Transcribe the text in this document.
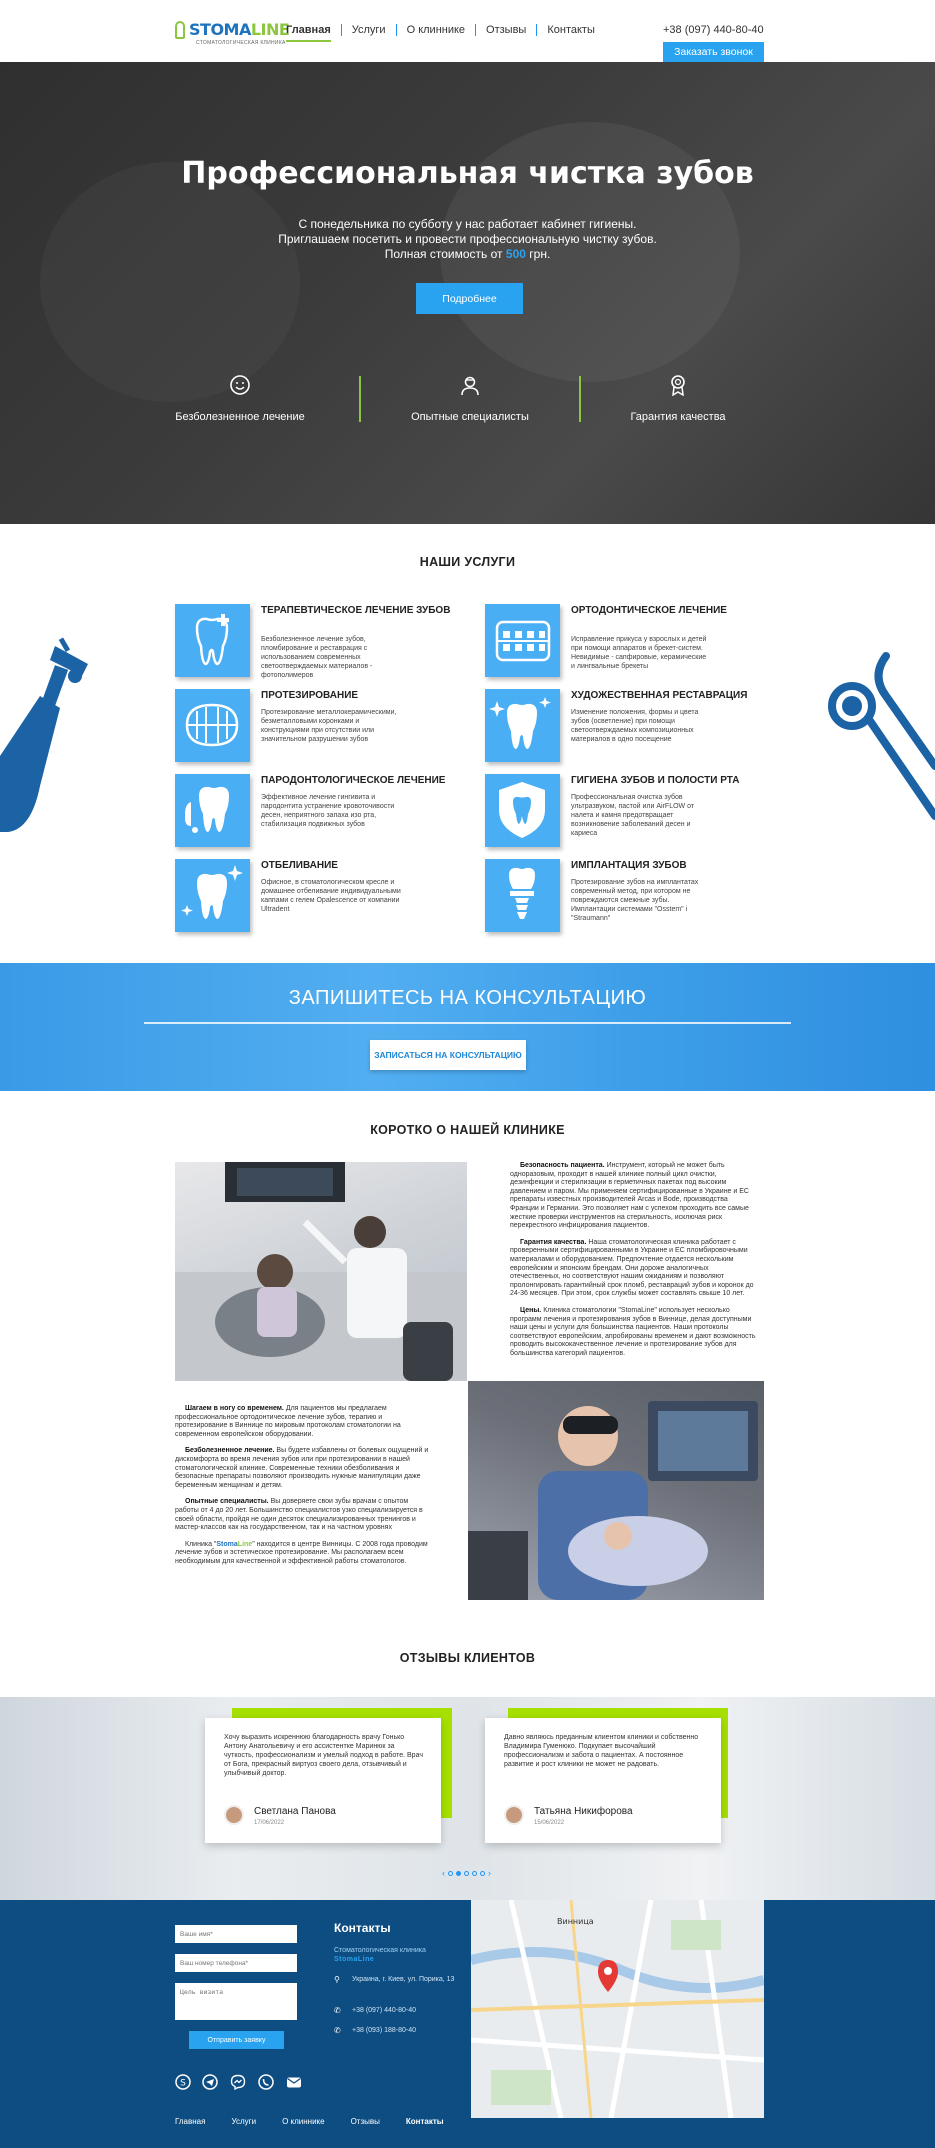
STOMALINE
СТОМАТОЛОГИЧЕСКАЯ КЛИНИКА
Главная	Услуги	О клиннике	Отзывы	Контакты	+38 (097) 440-80-40
Заказать звонок
Профессиональная чистка зубов
С понедельника по субботу у нас работает кабинет гигиены.
Приглашаем посетить и провести профессиональную чистку зубов.
Полная стоимость от 500 грн.
Подробнее
Безболезненное лечение	Опытные специалисты	Гарантия качества
НАШИ УСЛУГИ
ТЕРАПЕВТИЧЕСКОЕ ЛЕЧЕНИЕ ЗУБОВ
Безболезненное лечение зубов, пломбирование и реставрация с использованием современных светоотверждаемых материалов - фотополимеров
ОРТОДОНТИЧЕСКОЕ ЛЕЧЕНИЕ
Исправление прикуса у взрослых и детей при помощи аппаратов и брекет-систем. Невидимые - сапфировые, керамические и лингвальные брекеты
ПРОТЕЗИРОВАНИЕ
Протезирование металлокерамическими, безметалловыми коронками и конструкциями при отсутствии или значительном разрушении зубов
ХУДОЖЕСТВЕННАЯ РЕСТАВРАЦИЯ
Изменение положения, формы и цвета зубов (осветление) при помощи светоотверждаемых композиционных материалов в одно посещение
ПАРОДОНТОЛОГИЧЕСКОЕ ЛЕЧЕНИЕ
Эффективное лечение гингивита и пародонтита устранение кровоточивости десен, неприятного запаха изо рта, стабилизация подвижных зубов
ГИГИЕНА ЗУБОВ И ПОЛОСТИ РТА
Профессиональная очистка зубов ультразвуком, пастой или AirFLOW от налета и камня предотвращает возникновение заболеваний десен и кариеса
ОТБЕЛИВАНИЕ
Офисное, в стоматологическом кресле и домашнее отбеливание индивидуальными каппами с гелем Opalescence от компании Ultradent
ИМПЛАНТАЦИЯ ЗУБОВ
Протезирование зубов на имплантатах современный метод, при котором не повреждаются смежные зубы. Имплантации системами "Osstem" і "Straumann"
ЗАПИШИТЕСЬ НА КОНСУЛЬТАЦИЮ
ЗАПИСАТЬСЯ НА КОНСУЛЬТАЦИЮ
КОРОТКО О НАШЕЙ КЛИНИКЕ

Безопасность пациента. Инструмент, который не может быть одноразовым, проходит в нашей клинике полный цикл очистки, дезинфекции и стерилизации в герметичных пакетах под высоким давлением и паром. Мы применяем сертифицированные в Украине и ЕС препараты известных производителей Arcas и Bode, производства Франции и Германии. Это позволяет нам с успехом проходить все самые жесткие проверки инструментов на стерильность, исключая риск перекрестного инфицирования пациентов.

Гарантия качества. Наша стоматологическая клиника работает с проверенными сертифицированными в Украине и ЕС пломбировочными материалами и оборудованием. Предпочтение отдается нескольким европейским и японским брендам. Они дороже аналогичных отечественных, но соответствуют нашим ожиданиям и позволяют пролонгировать гарантийный срок пломб, реставраций зубов и коронок до 24-36 месяцев. При этом, срок службы может составлять свыше 10 лет.

Цены. Клиника стоматологии "StomaLine" использует несколько программ лечения и протезирования зубов в Виннице, делая доступными наши цены и услуги для большинства пациентов. Наши протоколы соответствуют европейским, апробированы временем и дают возможность проводить высококачественное лечение и протезирование зубов для большинства категорий пациентов.

Шагаем в ногу со временем. Для пациентов мы предлагаем профессиональное ортодонтическое лечение зубов, терапию и протезирование в Виннице по мировым протоколам стоматологии на современном европейском оборудовании.

Безболезненное лечение. Вы будете избавлены от болевых ощущений и дискомфорта во время лечения зубов или при протезировании в нашей стоматологической клинике. Современные техники обезболивания и безопасные препараты позволяют производить нужные манипуляции даже беременным женщинам и детям.

Опытные специалисты. Вы доверяете свои зубы врачам с опытом работы от 4 до 20 лет. Большинство специалистов узко специализируется в своей области, пройдя не один десяток специализированных тренингов и мастер-классов как на государственном, так и на частном уровнях

Клиника "StomaLine" находится в центре Винницы. С 2008 года проводим лечение зубов и эстетическое протезирование. Мы располагаем всем необходимым для качественной и эффективной работы стоматологов.

ОТЗЫВЫ КЛИЕНТОВ
Хочу выразить искреннюю благодарность врачу Гонько Антону Анатольевичу и его ассистентке Маринюк за чуткость, профессионализм и умелый подход в работе. Врач от Бога, прекрасный виртуоз своего дела, отзывчивый и улыбчивый доктор.
Светлана Панова
17/06/2022
Давно являюсь преданным клиентом клиники и собственно Владимира Гуменюко. Подкупает высочайший профессионализм и забота о пациентах. А постоянное развитие и рост клиники не может не радовать.
Татьяна Никифорова
15/06/2022
‹	›
Ваше имя*
Ваш номер телефона*
Цель визита
Отправить заявку
S
Контакты
Стоматологическая клиника
StomaLine
⚲ Украина, г. Киев, ул. Порика, 13
✆ +38 (097) 440-80-40
✆ +38 (093) 188-80-40
Винница
Главная	Услуги	О клиннике	Отзывы	Контакты
